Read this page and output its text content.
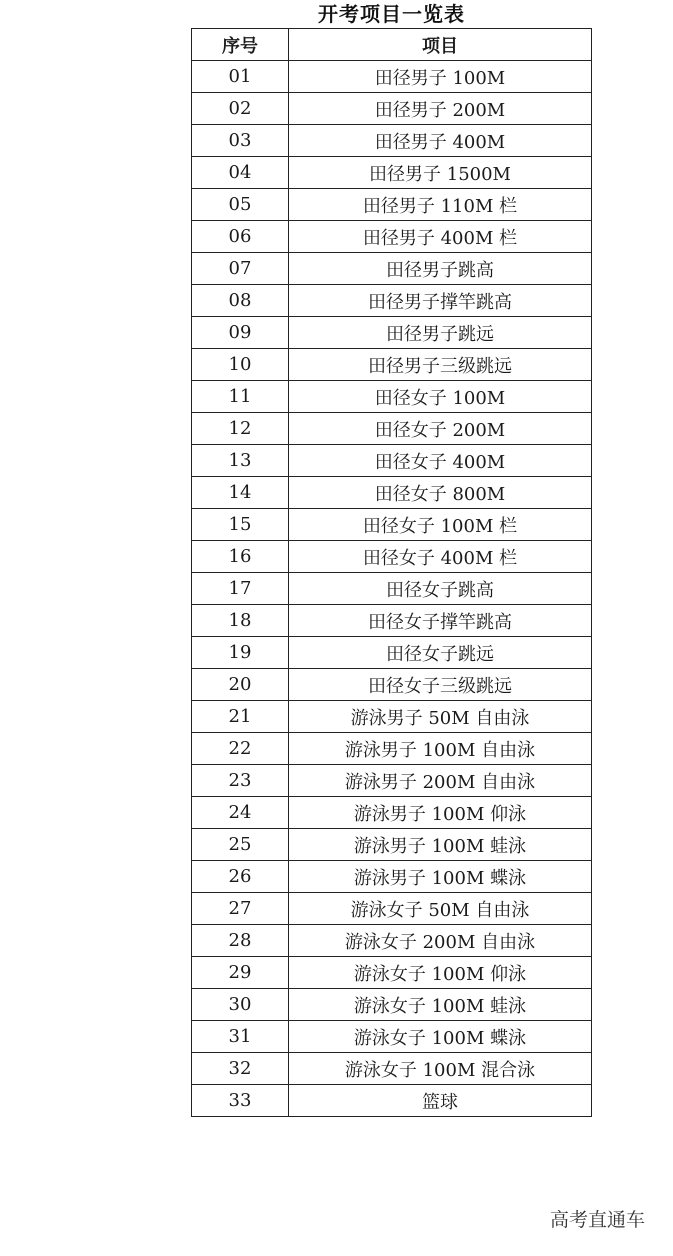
开考项目一览表
序号	项目
01	田径男子 100M
02	田径男子 200M
03	田径男子 400M
04	田径男子 1500M
05	田径男子 110M 栏
06	田径男子 400M 栏
07	田径男子跳高
08	田径男子撑竿跳高
09	田径男子跳远
10	田径男子三级跳远
11	田径女子 100M
12	田径女子 200M
13	田径女子 400M
14	田径女子 800M
15	田径女子 100M 栏
16	田径女子 400M 栏
17	田径女子跳高
18	田径女子撑竿跳高
19	田径女子跳远
20	田径女子三级跳远
21	游泳男子 50M 自由泳
22	游泳男子 100M 自由泳
23	游泳男子 200M 自由泳
24	游泳男子 100M 仰泳
25	游泳男子 100M 蛙泳
26	游泳男子 100M 蝶泳
27	游泳女子 50M 自由泳
28	游泳女子 200M 自由泳
29	游泳女子 100M 仰泳
30	游泳女子 100M 蛙泳
31	游泳女子 100M 蝶泳
32	游泳女子 100M 混合泳
33	篮球
高考直通车
